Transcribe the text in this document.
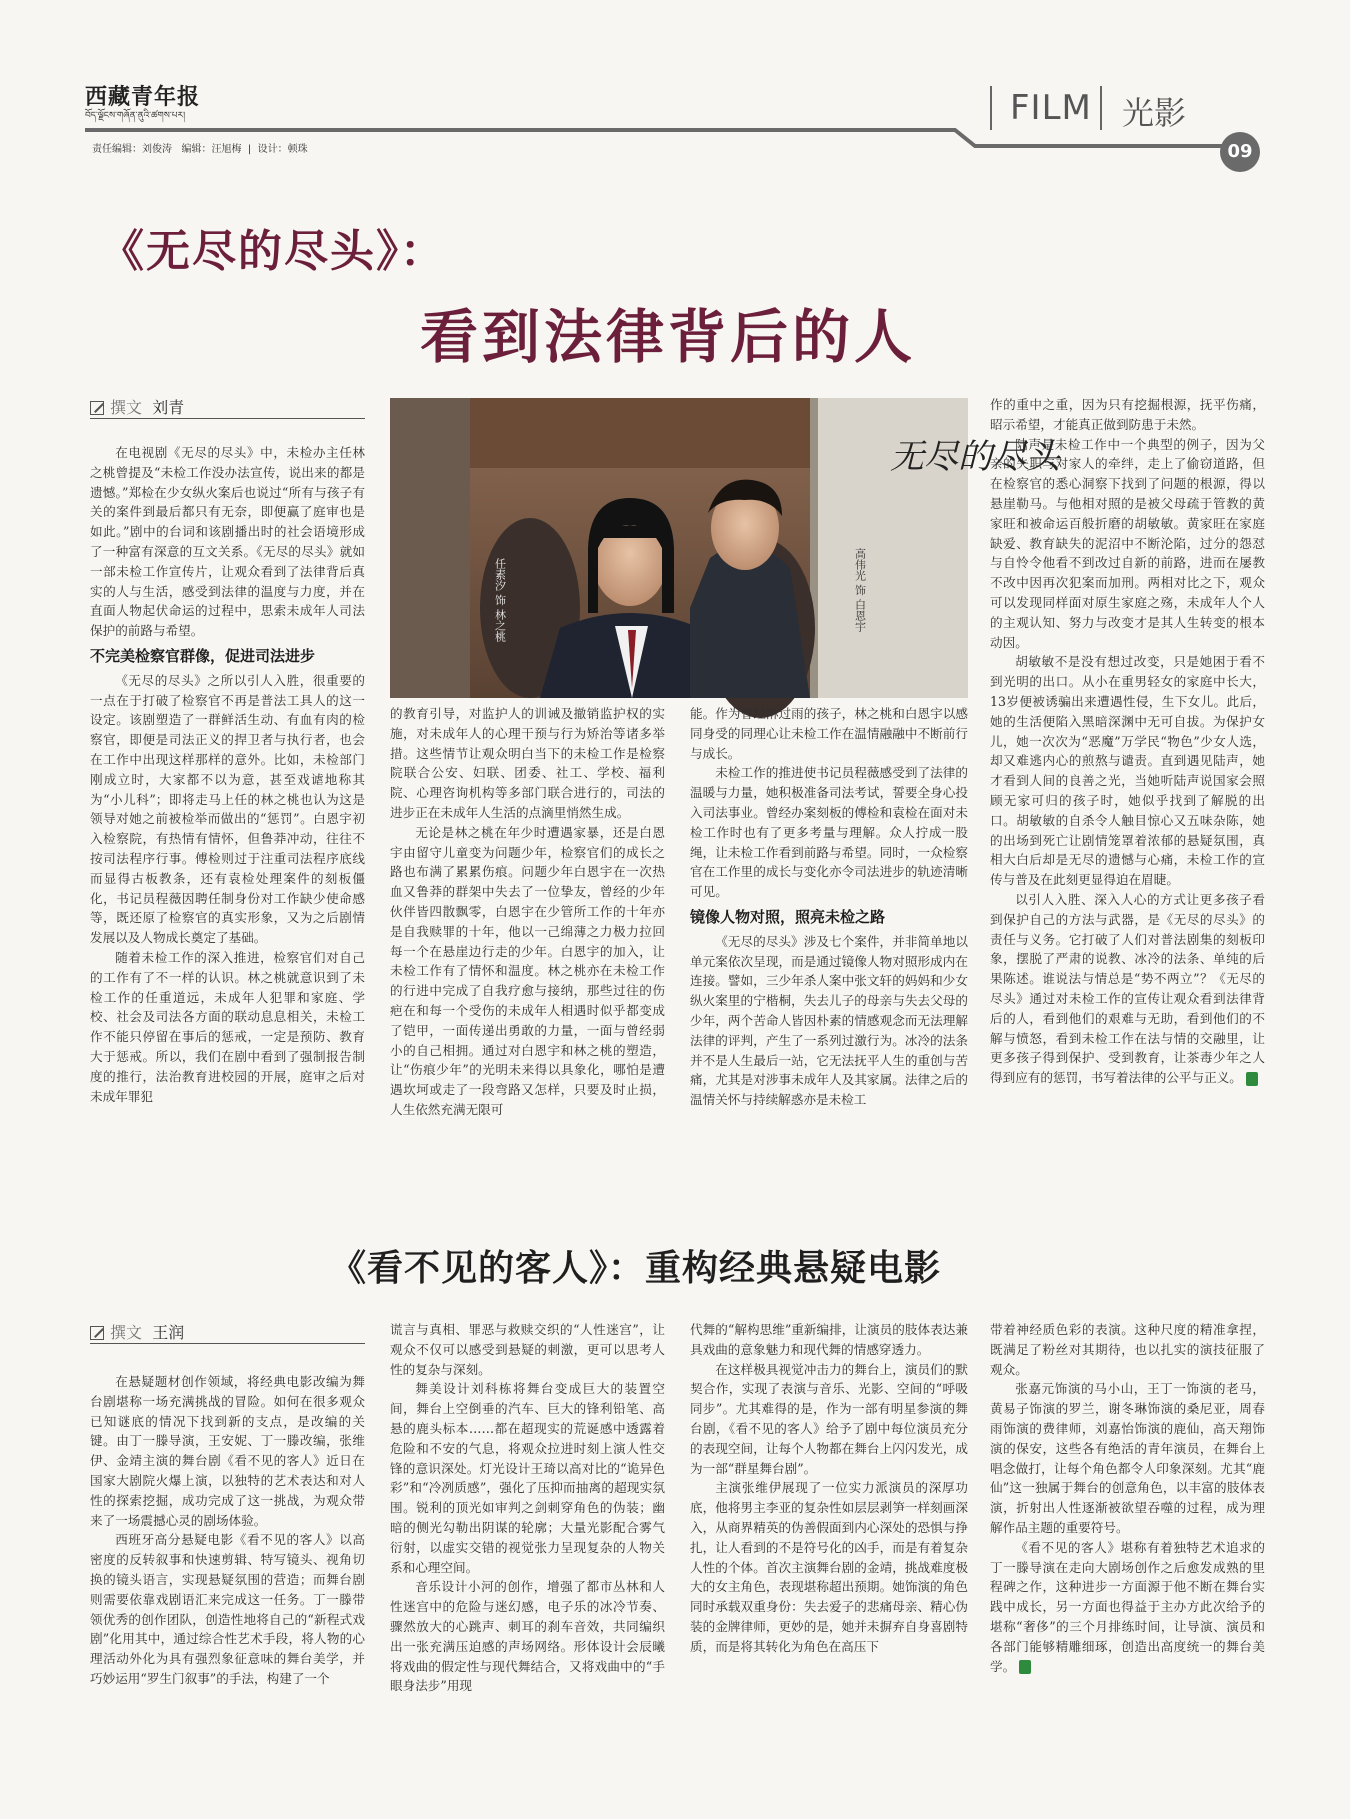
西藏青年报
བོད་ལྗོངས་གཞོན་ནུའི་ཚགས་པར།
责任编辑：刘俊涛   编辑：汪旭梅  |  设计：顿珠
FILM 光影
09
《无尽的尽头》：
看到法律背后的人
撰文 刘青
无尽的尽头
任素汐 饰 林之桃	高伟光 饰 白恩宇

在电视剧《无尽的尽头》中，未检办主任林之桃曾提及“未检工作没办法宣传，说出来的都是遗憾。”郑检在少女纵火案后也说过“所有与孩子有关的案件到最后都只有无奈，即便赢了庭审也是如此。”剧中的台词和该剧播出时的社会语境形成了一种富有深意的互文关系。《无尽的尽头》就如一部未检工作宣传片，让观众看到了法律背后真实的人与生活，感受到法律的温度与力度，并在直面人物起伏命运的过程中，思索未成年人司法保护的前路与希望。

不完美检察官群像，促进司法进步

《无尽的尽头》之所以引人入胜，很重要的一点在于打破了检察官不再是普法工具人的这一设定。该剧塑造了一群鲜活生动、有血有肉的检察官，即便是司法正义的捍卫者与执行者，也会在工作中出现这样那样的意外。比如，未检部门刚成立时，大家都不以为意，甚至戏谑地称其为“小儿科”；即将走马上任的林之桃也认为这是领导对她之前被检举而做出的“惩罚”。白恩宇初入检察院，有热情有情怀，但鲁莽冲动，往往不按司法程序行事。傅检则过于注重司法程序底线而显得古板教条，还有袁检处理案件的刻板僵化，书记员程薇因聘任制身份对工作缺少使命感等，既还原了检察官的真实形象，又为之后剧情发展以及人物成长奠定了基础。

随着未检工作的深入推进，检察官们对自己的工作有了不一样的认识。林之桃就意识到了未检工作的任重道远，未成年人犯罪和家庭、学校、社会及司法各方面的联动息息相关，未检工作不能只停留在事后的惩戒，一定是预防、教育大于惩戒。所以，我们在剧中看到了强制报告制度的推行，法治教育进校园的开展，庭审之后对未成年罪犯

的教育引导，对监护人的训诫及撤销监护权的实施，对未成年人的心理干预与行为矫治等诸多举措。这些情节让观众明白当下的未检工作是检察院联合公安、妇联、团委、社工、学校、福利院、心理咨询机构等多部门联合进行的，司法的进步正在未成年人生活的点滴里悄然生成。

无论是林之桃在年少时遭遇家暴，还是白恩宇由留守儿童变为问题少年，检察官们的成长之路也布满了累累伤痕。问题少年白恩宇在一次热血又鲁莽的群架中失去了一位挚友，曾经的少年伙伴皆四散飘零，白恩宇在少管所工作的十年亦是自我赎罪的十年，他以一己绵薄之力极力拉回每一个在悬崖边行走的少年。白恩宇的加入，让未检工作有了情怀和温度。林之桃亦在未检工作的行进中完成了自我疗愈与接纳，那些过往的伤疤在和每一个受伤的未成年人相遇时似乎都变成了铠甲，一面传递出勇敢的力量，一面与曾经弱小的自己相拥。通过对白恩宇和林之桃的塑造，让“伤痕少年”的光明未来得以具象化，哪怕是遭遇坎坷或走了一段弯路又怎样，只要及时止损，人生依然充满无限可

能。作为曾经淋过雨的孩子，林之桃和白恩宇以感同身受的同理心让未检工作在温情融融中不断前行与成长。

未检工作的推进使书记员程薇感受到了法律的温暖与力量，她积极准备司法考试，誓要全身心投入司法事业。曾经办案刻板的傅检和袁检在面对未检工作时也有了更多考量与理解。众人拧成一股绳，让未检工作看到前路与希望。同时，一众检察官在工作里的成长与变化亦令司法进步的轨迹清晰可见。

镜像人物对照，照亮未检之路

《无尽的尽头》涉及七个案件，并非简单地以单元案依次呈现，而是通过镜像人物对照形成内在连接。譬如，三少年杀人案中张文轩的妈妈和少女纵火案里的宁楷桐，失去儿子的母亲与失去父母的少年，两个苦命人皆因朴素的情感观念而无法理解法律的评判，产生了一系列过激行为。冰冷的法条并不是人生最后一站，它无法抚平人生的重创与苦痛，尤其是对涉事未成年人及其家属。法律之后的温情关怀与持续解惑亦是未检工

作的重中之重，因为只有挖掘根源，抚平伤痛，昭示希望，才能真正做到防患于未然。

陆声是未检工作中一个典型的例子，因为父亲的失职与对家人的牵绊，走上了偷窃道路，但在检察官的悉心洞察下找到了问题的根源，得以悬崖勒马。与他相对照的是被父母疏于管教的黄家旺和被命运百般折磨的胡敏敏。黄家旺在家庭缺爱、教育缺失的泥沼中不断沦陷，过分的怨怼与自怜令他看不到改过自新的前路，进而在屡教不改中因再次犯案而加刑。两相对比之下，观众可以发现同样面对原生家庭之殇，未成年人个人的主观认知、努力与改变才是其人生转变的根本动因。

胡敏敏不是没有想过改变，只是她困于看不到光明的出口。从小在重男轻女的家庭中长大，13岁便被诱骗出来遭遇性侵，生下女儿。此后，她的生活便陷入黑暗深渊中无可自拔。为保护女儿，她一次次为“恶魔”万学民“物色”少女人选，却又难逃内心的煎熬与谴责。直到遇见陆声，她才看到人间的良善之光，当她听陆声说国家会照顾无家可归的孩子时，她似乎找到了解脱的出口。胡敏敏的自杀令人触目惊心又五味杂陈，她的出场到死亡让剧情笼罩着浓郁的悬疑氛围，真相大白后却是无尽的遗憾与心痛，未检工作的宣传与普及在此刻更显得迫在眉睫。

以引人入胜、深入人心的方式让更多孩子看到保护自己的方法与武器，是《无尽的尽头》的责任与义务。它打破了人们对普法剧集的刻板印象，摆脱了严肃的说教、冰冷的法条、单纯的后果陈述。谁说法与情总是“势不两立”？《无尽的尽头》通过对未检工作的宣传让观众看到法律背后的人，看到他们的艰难与无助，看到他们的不解与愤怒，看到未检工作在法与情的交融里，让更多孩子得到保护、受到教育，让茶毒少年之人得到应有的惩罚，书写着法律的公平与正义。

《看不见的客人》：重构经典悬疑电影
撰文 王润

在悬疑题材创作领域，将经典电影改编为舞台剧堪称一场充满挑战的冒险。如何在很多观众已知谜底的情况下找到新的支点，是改编的关键。由丁一滕导演，王安妮、丁一滕改编，张维伊、金靖主演的舞台剧《看不见的客人》近日在国家大剧院火爆上演，以独特的艺术表达和对人性的探索挖掘，成功完成了这一挑战，为观众带来了一场震撼心灵的剧场体验。

西班牙高分悬疑电影《看不见的客人》以高密度的反转叙事和快速剪辑、特写镜头、视角切换的镜头语言，实现悬疑氛围的营造；而舞台剧则需要依靠戏剧语汇来完成这一任务。丁一滕带领优秀的创作团队，创造性地将自己的“新程式戏剧”化用其中，通过综合性艺术手段，将人物的心理活动外化为具有强烈象征意味的舞台美学，并巧妙运用“罗生门叙事”的手法，构建了一个

谎言与真相、罪恶与救赎交织的“人性迷宫”，让观众不仅可以感受到悬疑的刺激，更可以思考人性的复杂与深刻。

舞美设计刘科栋将舞台变成巨大的装置空间，舞台上空倒垂的汽车、巨大的锋利铅笔、高悬的鹿头标本……都在超现实的荒诞感中透露着危险和不安的气息，将观众拉进时刻上演人性交锋的意识深处。灯光设计王琦以高对比的“诡异色彩”和“冷冽质感”，强化了压抑而抽离的超现实氛围。锐利的顶光如审判之剑刺穿角色的伪装；幽暗的侧光勾勒出阴谋的轮廓；大量光影配合雾气衍射，以虚实交错的视觉张力呈现复杂的人物关系和心理空间。

音乐设计小河的创作，增强了都市丛林和人性迷宫中的危险与迷幻感，电子乐的冰冷节奏、骤然放大的心跳声、刺耳的刹车音效，共同编织出一张充满压迫感的声场网络。形体设计会辰曦将戏曲的假定性与现代舞结合，又将戏曲中的“手眼身法步”用现

代舞的“解构思维”重新编排，让演员的肢体表达兼具戏曲的意象魅力和现代舞的情感穿透力。

在这样极具视觉冲击力的舞台上，演员们的默契合作，实现了表演与音乐、光影、空间的“呼吸同步”。尤其难得的是，作为一部有明星参演的舞台剧，《看不见的客人》给予了剧中每位演员充分的表现空间，让每个人物都在舞台上闪闪发光，成为一部“群星舞台剧”。

主演张维伊展现了一位实力派演员的深厚功底，他将男主李亚的复杂性如层层剥笋一样刻画深入，从商界精英的伪善假面到内心深处的恐惧与挣扎，让人看到的不是符号化的凶手，而是有着复杂人性的个体。首次主演舞台剧的金靖，挑战难度极大的女主角色，表现堪称超出预期。她饰演的角色同时承载双重身份：失去爱子的悲痛母亲、精心伪装的金牌律师，更妙的是，她并未摒弃自身喜剧特质，而是将其转化为角色在高压下

带着神经质色彩的表演。这种尺度的精准拿捏，既满足了粉丝对其期待，也以扎实的演技征服了观众。

张嘉元饰演的马小山，王丁一饰演的老马，黄易子饰演的罗兰，谢冬琳饰演的桑尼亚，周春雨饰演的费律师，刘嘉怡饰演的鹿仙，高天翔饰演的保安，这些各有绝活的青年演员，在舞台上唱念做打，让每个角色都令人印象深刻。尤其“鹿仙”这一独属于舞台的创意角色，以丰富的肢体表演，折射出人性逐渐被欲望吞噬的过程，成为理解作品主题的重要符号。

《看不见的客人》堪称有着独特艺术追求的丁一滕导演在走向大剧场创作之后愈发成熟的里程碑之作，这种进步一方面源于他不断在舞台实践中成长，另一方面也得益于主办方此次给予的堪称“奢侈”的三个月排练时间，让导演、演员和各部门能够精雕细琢，创造出高度统一的舞台美学。
